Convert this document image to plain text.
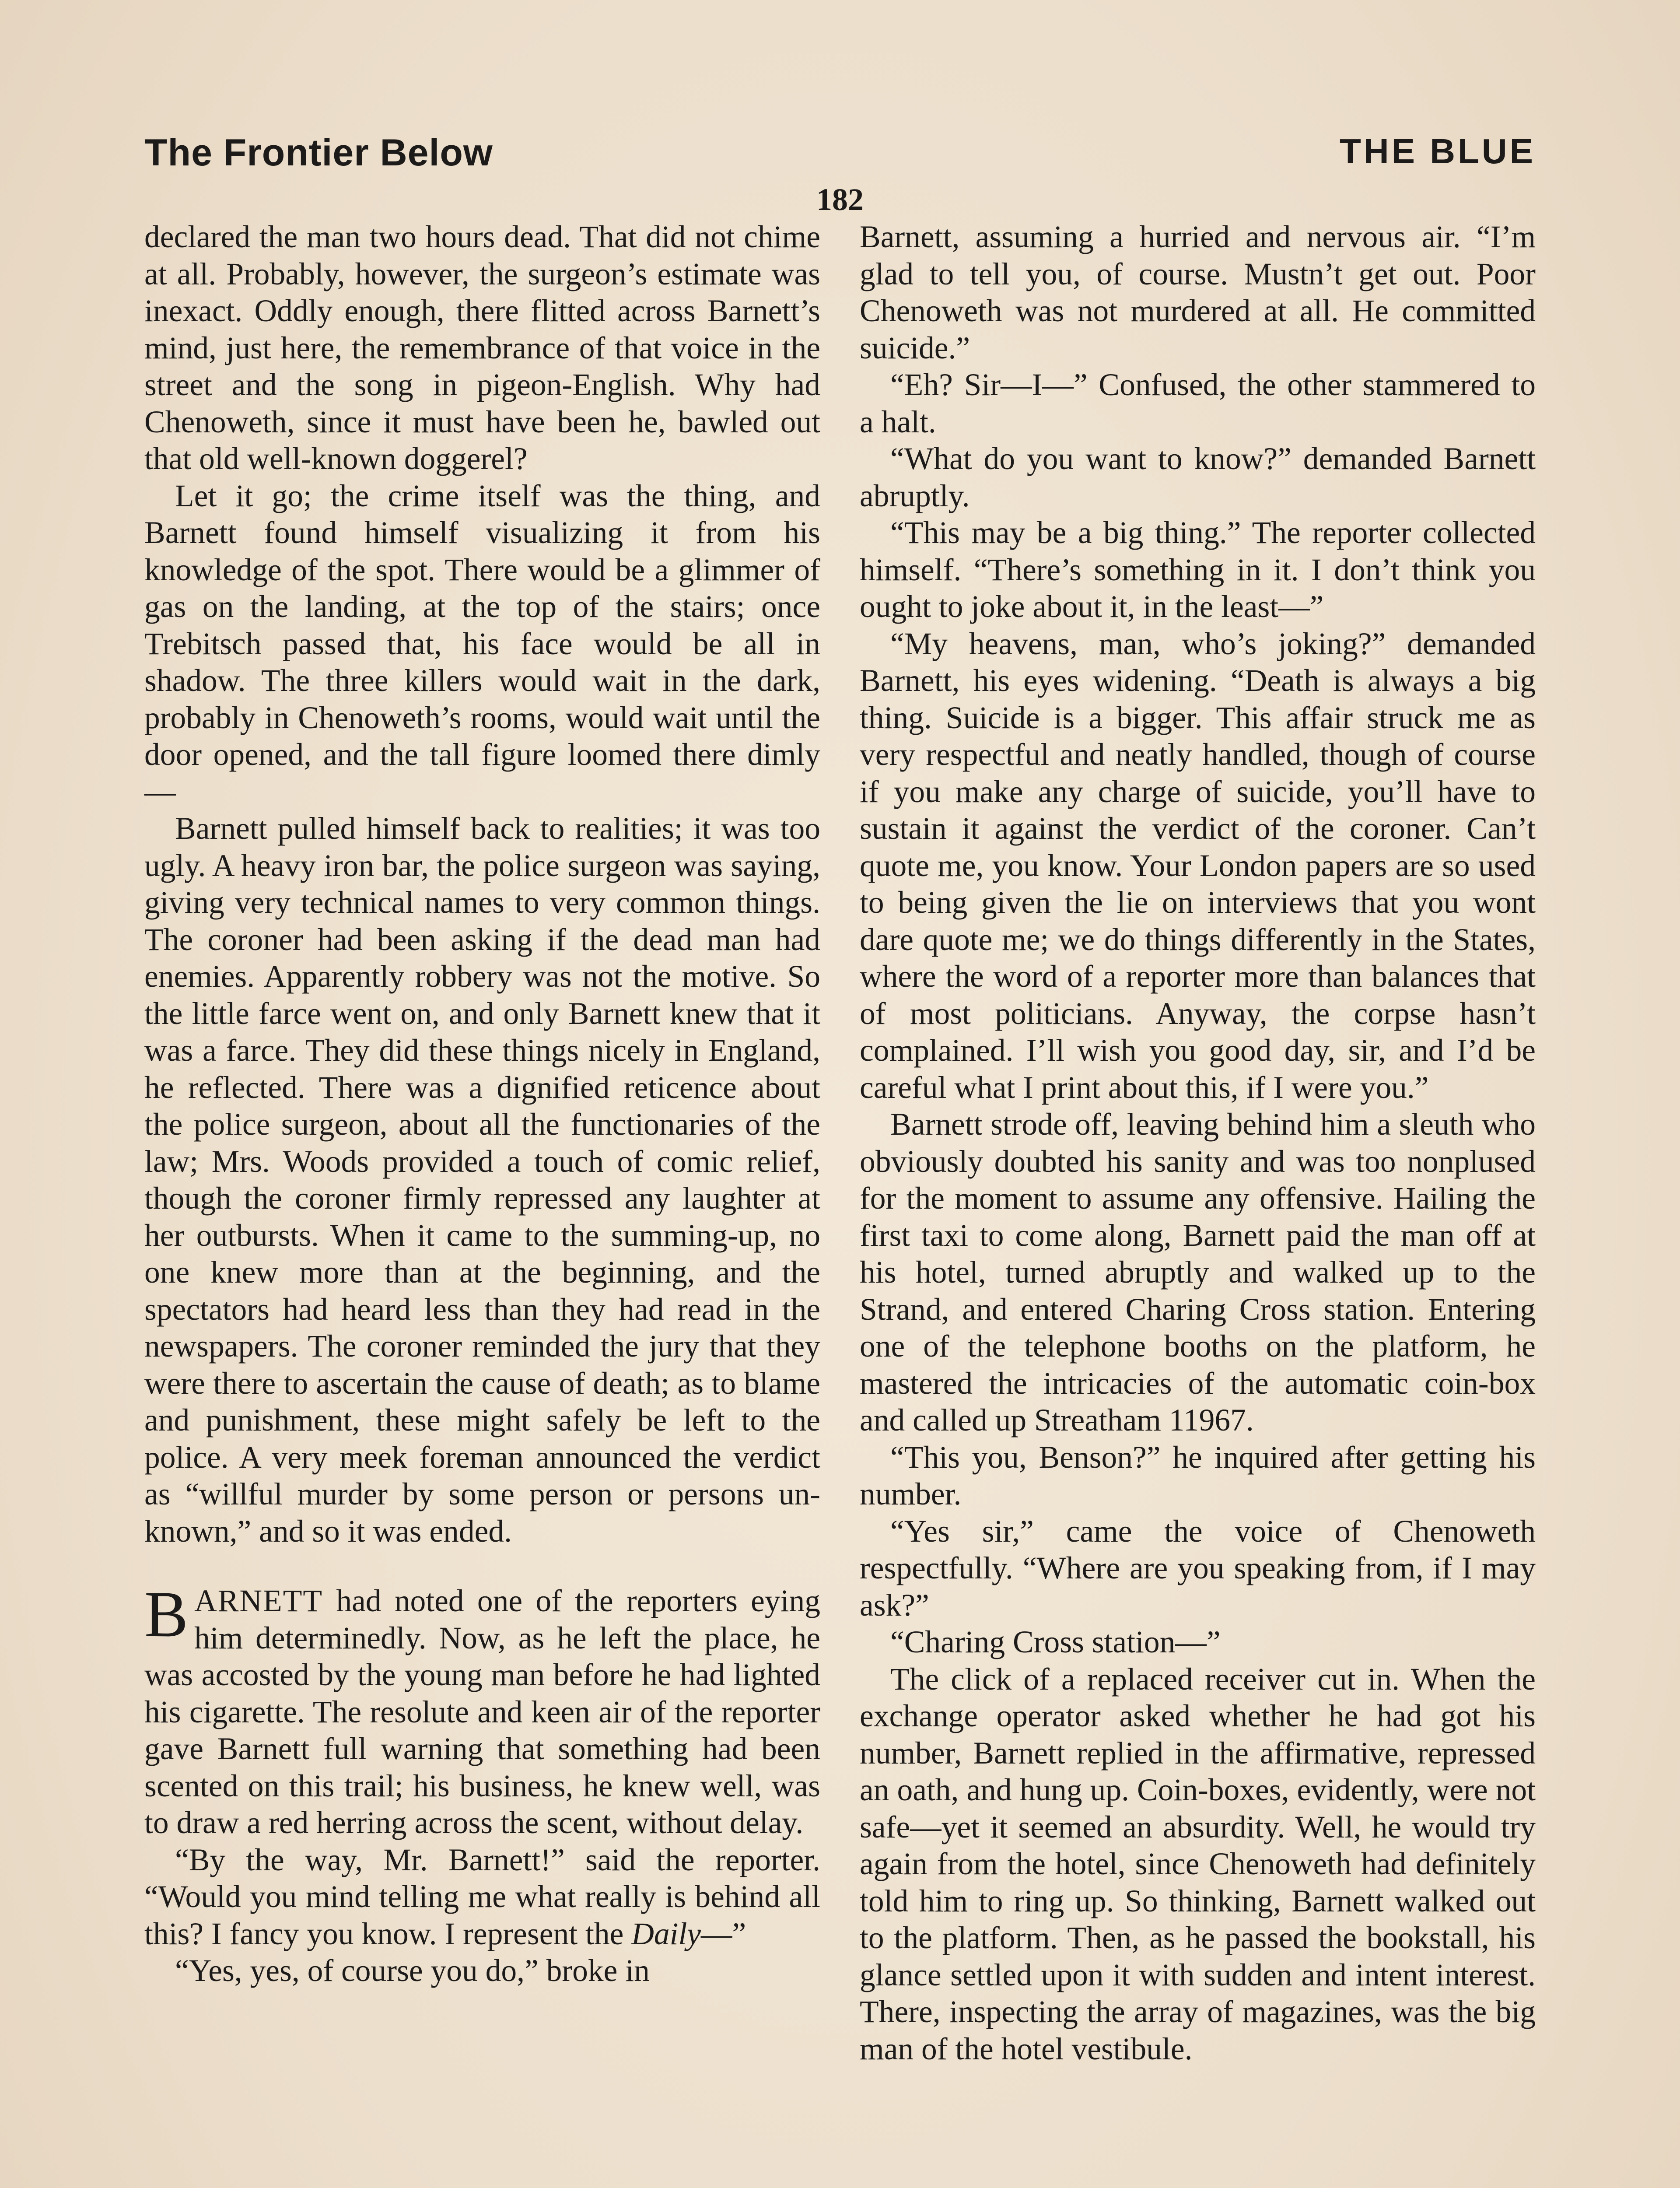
The Frontier Below	THE BLUE
182

declared the man two hours dead. That did not chime at all. Probably, however, the surgeon’s estimate was inexact. Oddly enough, there flitted across Barnett’s mind, just here, the remembrance of that voice in the street and the song in pigeon-English. Why had Chenoweth, since it must have been he, bawled out that old well-known doggerel?

Let it go; the crime itself was the thing, and Barnett found himself visualizing it from his knowledge of the spot. There would be a glimmer of gas on the landing, at the top of the stairs; once Trebitsch passed that, his face would be all in shadow. The three killers would wait in the dark, probably in Chenoweth’s rooms, would wait until the door opened, and the tall figure loomed there dimly—

Barnett pulled himself back to realities; it was too ugly. A heavy iron bar, the police surgeon was saying, giving very technical names to very common things. The coroner had been asking if the dead man had enemies. Apparently robbery was not the motive. So the little farce went on, and only Barnett knew that it was a farce. They did these things nicely in England, he reflected. There was a dignified reticence about the police surgeon, about all the functionaries of the law; Mrs. Woods provided a touch of comic relief, though the coroner firmly repressed any laughter at her outbursts. When it came to the summing-up, no one knew more than at the beginning, and the spectators had heard less than they had read in the newspapers. The coroner reminded the jury that they were there to ascertain the cause of death; as to blame and punishment, these might safely be left to the police. A very meek foreman announced the verdict as “willful murder by some person or persons unknown,” and so it was ended.

BARNETT had noted one of the reporters eying him determinedly. Now, as he left the place, he was accosted by the young man before he had lighted his cigarette. The resolute and keen air of the reporter gave Barnett full warning that something had been scented on this trail; his business, he knew well, was to draw a red herring across the scent, without delay.

“By the way, Mr. Barnett!” said the reporter. “Would you mind telling me what really is behind all this? I fancy you know. I represent the Daily—”

“Yes, yes, of course you do,” broke in

Barnett, assuming a hurried and nervous air. “I’m glad to tell you, of course. Mustn’t get out. Poor Chenoweth was not murdered at all. He committed suicide.”

“Eh? Sir—I—” Confused, the other stammered to a halt.

“What do you want to know?” demanded Barnett abruptly.

“This may be a big thing.” The reporter collected himself. “There’s something in it. I don’t think you ought to joke about it, in the least—”

“My heavens, man, who’s joking?” demanded Barnett, his eyes widening. “Death is always a big thing. Suicide is a bigger. This affair struck me as very respectful and neatly handled, though of course if you make any charge of suicide, you’ll have to sustain it against the verdict of the coroner. Can’t quote me, you know. Your London papers are so used to being given the lie on interviews that you wont dare quote me; we do things differently in the States, where the word of a reporter more than balances that of most politicians. Anyway, the corpse hasn’t complained. I’ll wish you good day, sir, and I’d be careful what I print about this, if I were you.”

Barnett strode off, leaving behind him a sleuth who obviously doubted his sanity and was too nonplused for the moment to assume any offensive. Hailing the first taxi to come along, Barnett paid the man off at his hotel, turned abruptly and walked up to the Strand, and entered Charing Cross station. Entering one of the telephone booths on the platform, he mastered the intricacies of the automatic coin-box and called up Streatham 11967.

“This you, Benson?” he inquired after getting his number.

“Yes sir,” came the voice of Chenoweth respectfully. “Where are you speaking from, if I may ask?”

“Charing Cross station—”

The click of a replaced receiver cut in. When the exchange operator asked whether he had got his number, Barnett replied in the affirmative, repressed an oath, and hung up. Coin-boxes, evidently, were not safe—yet it seemed an absurdity. Well, he would try again from the hotel, since Chenoweth had definitely told him to ring up. So thinking, Barnett walked out to the platform. Then, as he passed the bookstall, his glance settled upon it with sudden and intent interest. There, inspecting the array of magazines, was the big man of the hotel vestibule.
